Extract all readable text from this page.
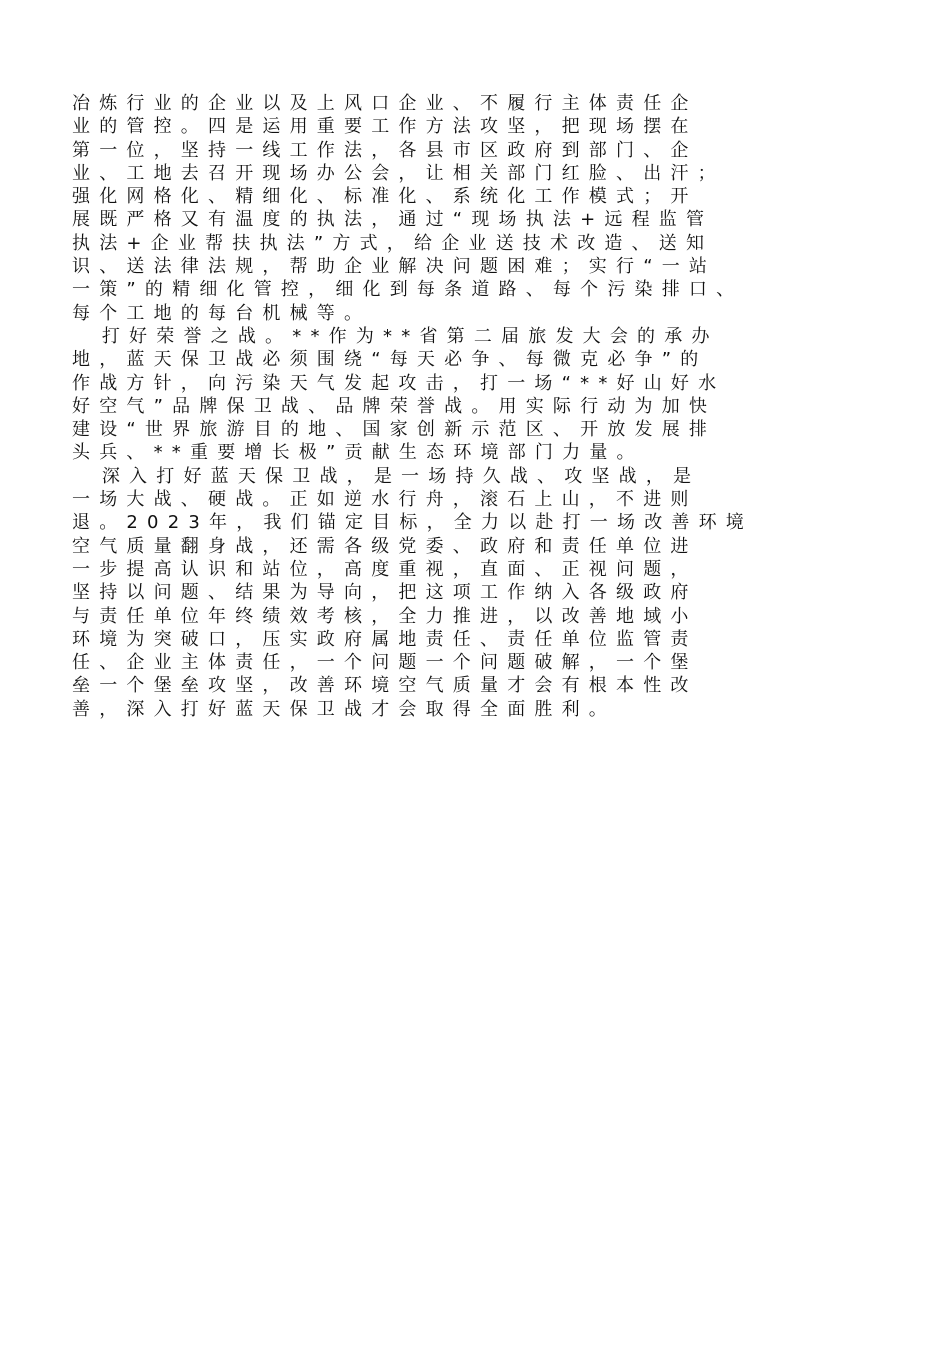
冶炼行业的企业以及上风口企业、不履行主体责任企
业的管控。四是运用重要工作方法攻坚，把现场摆在
第一位，坚持一线工作法，各县市区政府到部门、企
业、工地去召开现场办公会，让相关部门红脸、出汗；
强化网格化、精细化、标准化、系统化工作模式；开
展既严格又有温度的执法，通过“现场执法+远程监管
执法+企业帮扶执法”方式，给企业送技术改造、送知
识、送法律法规，帮助企业解决问题困难；实行“一站
一策”的精细化管控，细化到每条道路、每个污染排口、
每个工地的每台机械等。
打好荣誉之战。**作为**省第二届旅发大会的承办
地，蓝天保卫战必须围绕“每天必争、每微克必争”的
作战方针，向污染天气发起攻击，打一场“**好山好水
好空气”品牌保卫战、品牌荣誉战。用实际行动为加快
建设“世界旅游目的地、国家创新示范区、开放发展排
头兵、**重要增长极”贡献生态环境部门力量。
深入打好蓝天保卫战，是一场持久战、攻坚战，是
一场大战、硬战。正如逆水行舟，滚石上山，不进则
退。2023年，我们锚定目标，全力以赴打一场改善环境
空气质量翻身战，还需各级党委、政府和责任单位进
一步提高认识和站位，高度重视，直面、正视问题，
坚持以问题、结果为导向，把这项工作纳入各级政府
与责任单位年终绩效考核，全力推进，以改善地域小
环境为突破口，压实政府属地责任、责任单位监管责
任、企业主体责任，一个问题一个问题破解，一个堡
垒一个堡垒攻坚，改善环境空气质量才会有根本性改
善，深入打好蓝天保卫战才会取得全面胜利。
